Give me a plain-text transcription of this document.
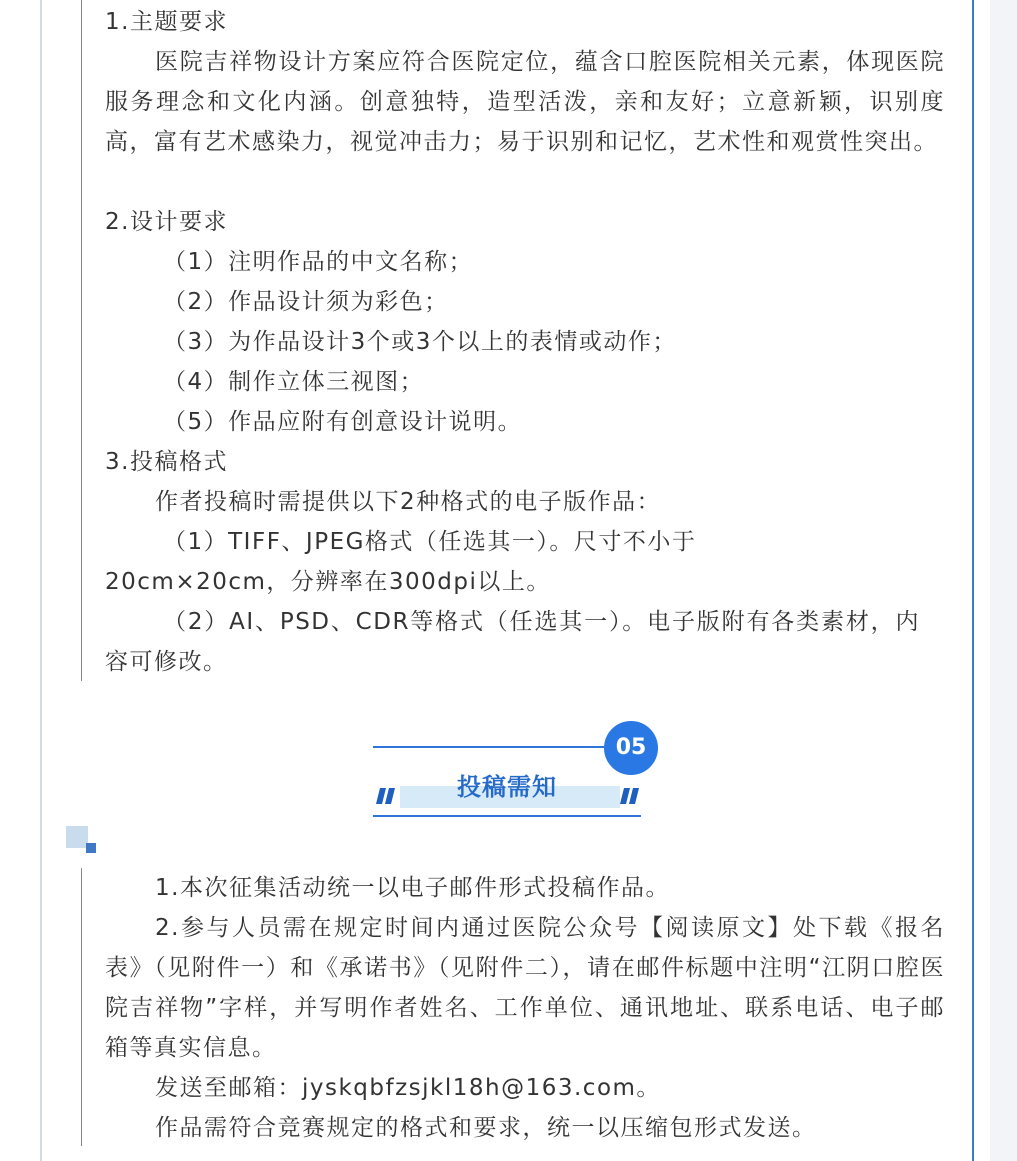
1.主题要求

医院吉祥物设计方案应符合医院定位，蕴含口腔医院相关元素，体现医院服务理念和文化内涵。创意独特，造型活泼，亲和友好；立意新颖，识别度高，富有艺术感染力，视觉冲击力；易于识别和记忆，艺术性和观赏性突出。

2.设计要求

（1）注明作品的中文名称；

（2）作品设计须为彩色；

（3）为作品设计3个或3个以上的表情或动作；

（4）制作立体三视图；

（5）作品应附有创意设计说明。

3.投稿格式

作者投稿时需提供以下2种格式的电子版作品：

（1）TIFF、JPEG格式（任选其一）。尺寸不小于

20cm×20cm，分辨率在300dpi以上。

（2）AI、PSD、CDR等格式（任选其一）。电子版附有各类素材，内容可修改。

05
投稿需知

1.本次征集活动统一以电子邮件形式投稿作品。

2.参与人员需在规定时间内通过医院公众号【阅读原文】处下载《报名表》（见附件一）和《承诺书》（见附件二），请在邮件标题中注明“江阴口腔医院吉祥物”字样，并写明作者姓名、工作单位、通讯地址、联系电话、电子邮箱等真实信息。

发送至邮箱：jyskqbfzsjkl18h@163.com。

作品需符合竞赛规定的格式和要求，统一以压缩包形式发送。
